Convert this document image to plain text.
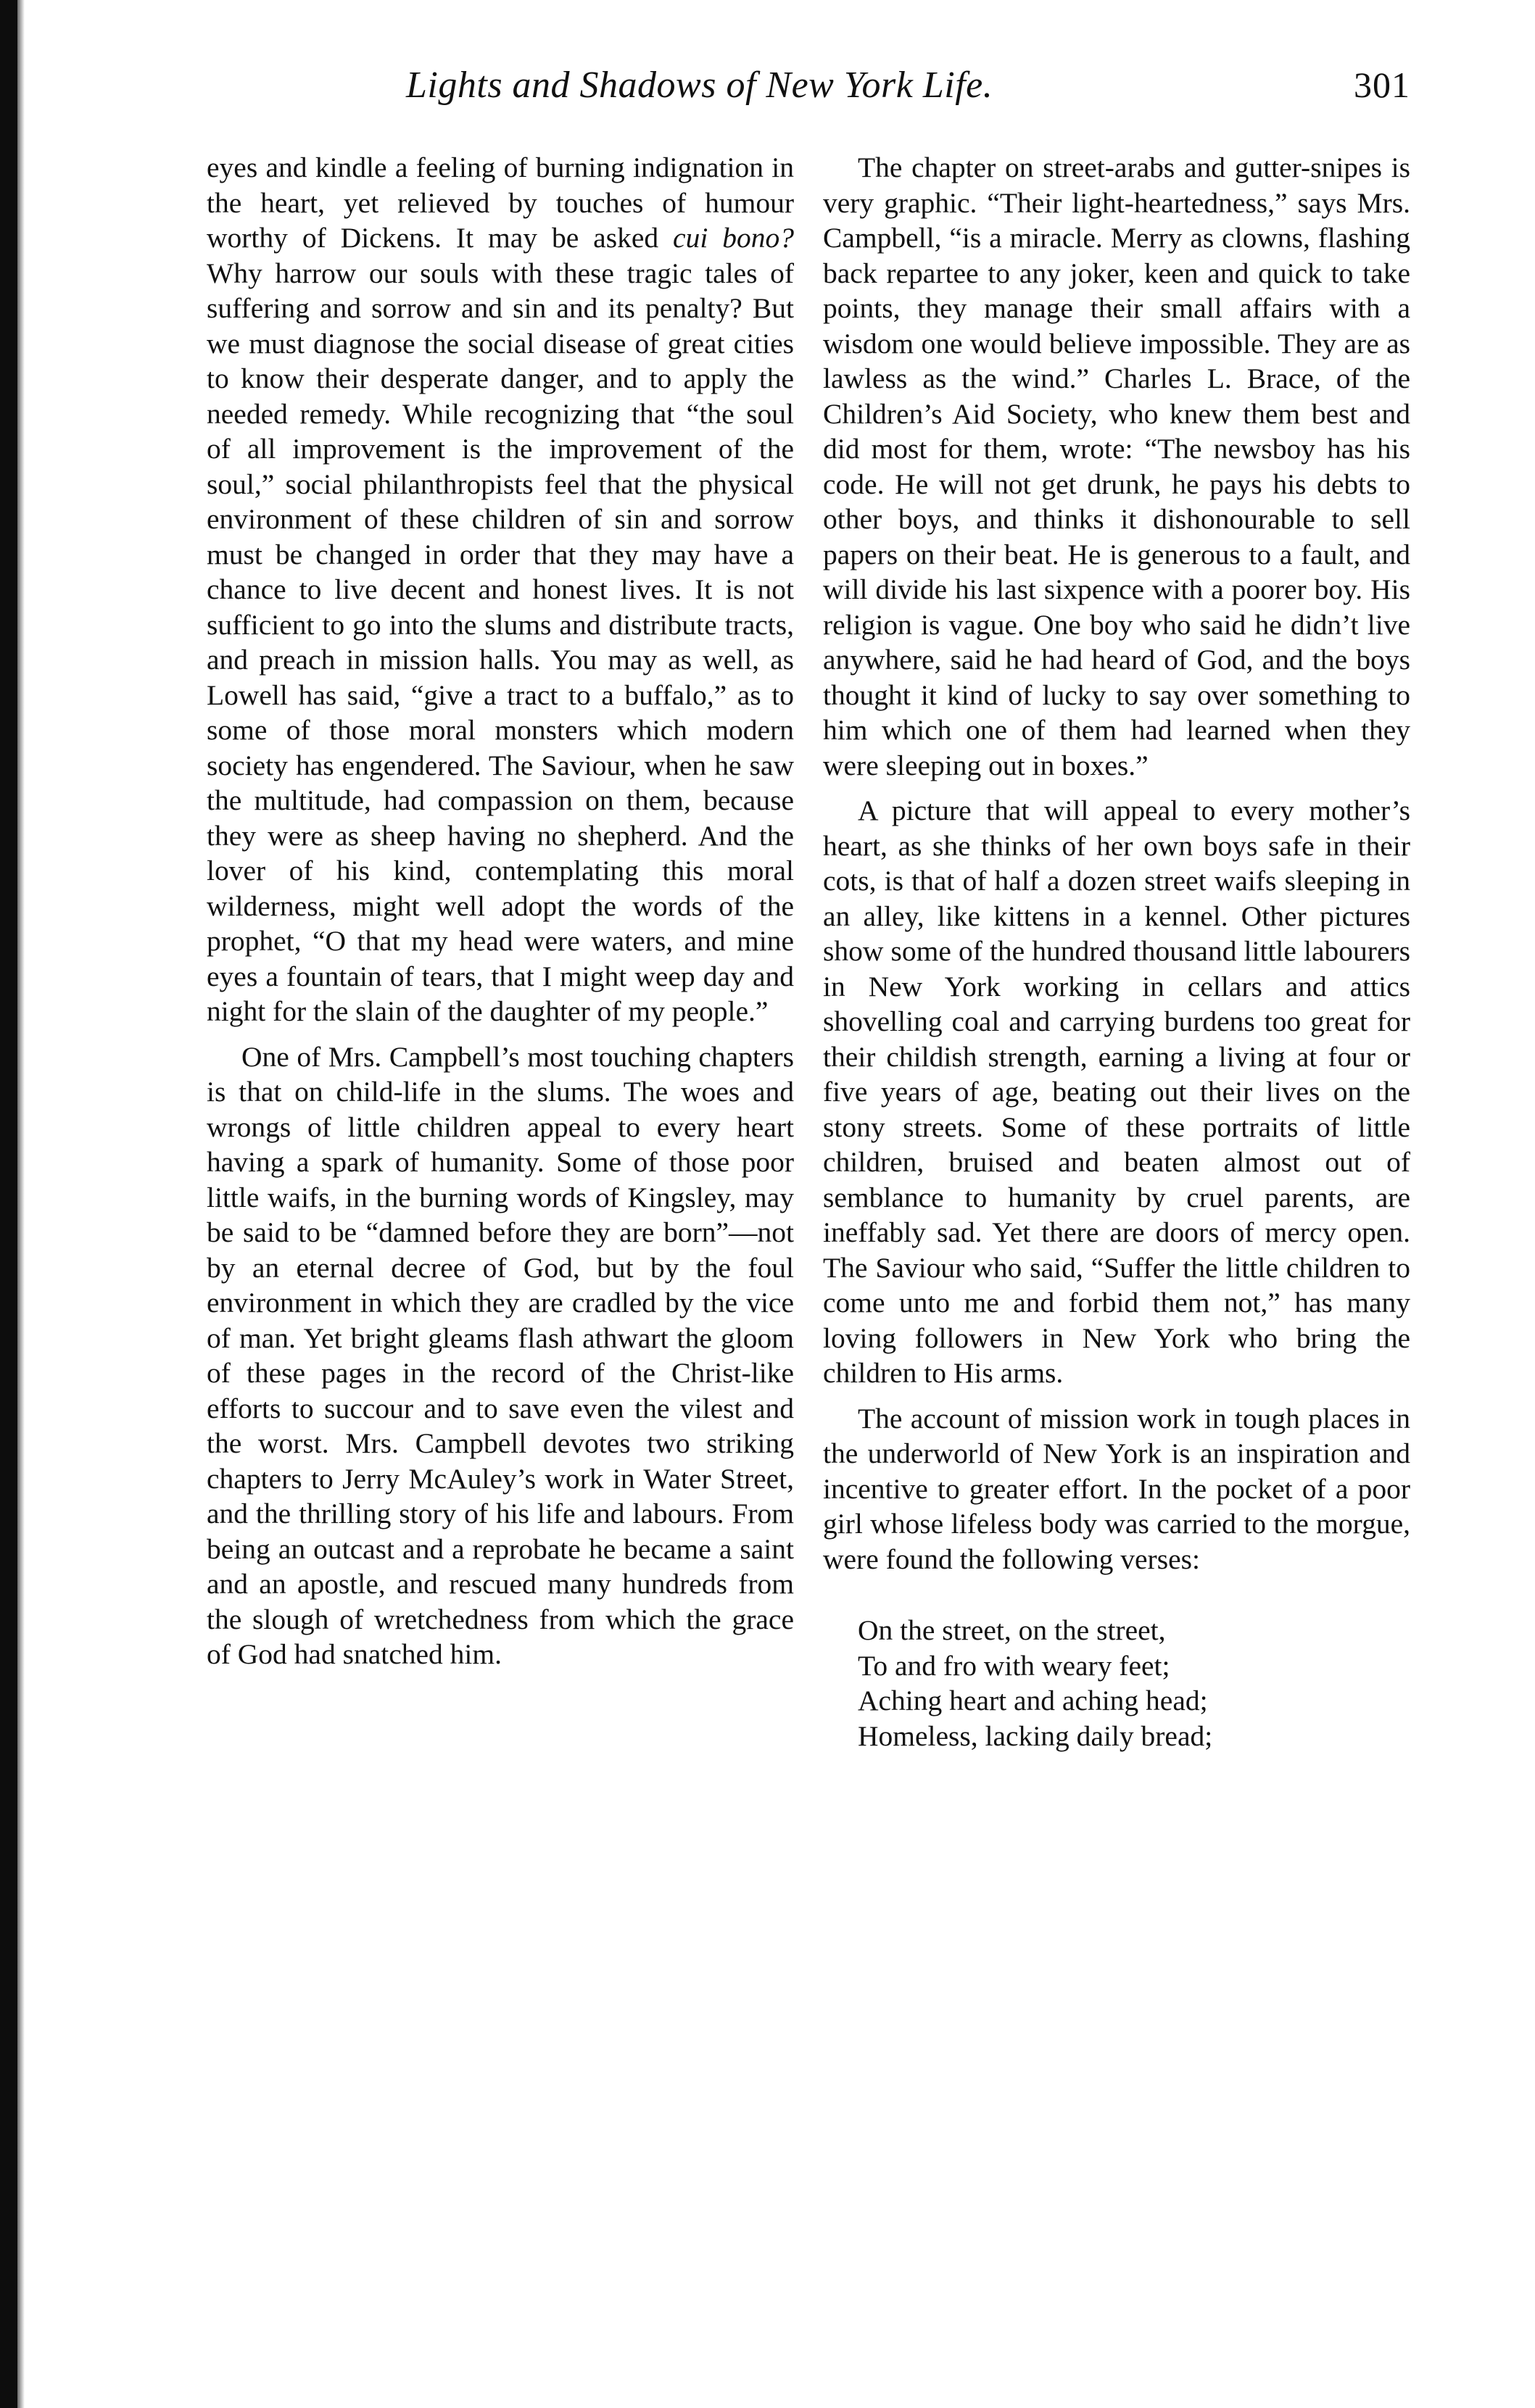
Lights and Shadows of New York Life.	301

eyes and kindle a feeling of burning indignation in the heart, yet relieved by touches of humour worthy of Dickens. It may be asked cui bono? Why harrow our souls with these tragic tales of suffering and sorrow and sin and its penalty? But we must diagnose the social disease of great cities to know their desperate danger, and to apply the needed remedy. While recognizing that “the soul of all improvement is the improvement of the soul,” social philanthropists feel that the physical environment of these children of sin and sorrow must be changed in order that they may have a chance to live decent and honest lives. It is not sufficient to go into the slums and distribute tracts, and preach in mission halls. You may as well, as Lowell has said, “give a tract to a buffalo,” as to some of those moral monsters which modern society has engendered. The Saviour, when he saw the multitude, had compassion on them, because they were as sheep having no shepherd. And the lover of his kind, contemplating this moral wilderness, might well adopt the words of the prophet, “O that my head were waters, and mine eyes a fountain of tears, that I might weep day and night for the slain of the daughter of my people.”

One of Mrs. Campbell’s most touching chapters is that on child-life in the slums. The woes and wrongs of little children appeal to every heart having a spark of humanity. Some of those poor little waifs, in the burning words of Kingsley, may be said to be “damned before they are born”—not by an eternal decree of God, but by the foul environment in which they are cradled by the vice of man. Yet bright gleams flash athwart the gloom of these pages in the record of the Christ-like efforts to succour and to save even the vilest and the worst. Mrs. Campbell devotes two striking chapters to Jerry McAuley’s work in Water Street, and the thrilling story of his life and labours. From being an outcast and a reprobate he became a saint and an apostle, and rescued many hundreds from the slough of wretchedness from which the grace of God had snatched him.

The chapter on street-arabs and gutter-snipes is very graphic. “Their light-heartedness,” says Mrs. Campbell, “is a miracle. Merry as clowns, flashing back repartee to any joker, keen and quick to take points, they manage their small affairs with a wisdom one would believe impossible. They are as lawless as the wind.” Charles L. Brace, of the Children’s Aid Society, who knew them best and did most for them, wrote: “The newsboy has his code. He will not get drunk, he pays his debts to other boys, and thinks it dishonourable to sell papers on their beat. He is generous to a fault, and will divide his last sixpence with a poorer boy. His religion is vague. One boy who said he didn’t live anywhere, said he had heard of God, and the boys thought it kind of lucky to say over something to him which one of them had learned when they were sleeping out in boxes.”

A picture that will appeal to every mother’s heart, as she thinks of her own boys safe in their cots, is that of half a dozen street waifs sleeping in an alley, like kittens in a kennel. Other pictures show some of the hundred thousand little labourers in New York working in cellars and attics shovelling coal and carrying burdens too great for their childish strength, earning a living at four or five years of age, beating out their lives on the stony streets. Some of these portraits of little children, bruised and beaten almost out of semblance to humanity by cruel parents, are ineffably sad. Yet there are doors of mercy open. The Saviour who said, “Suffer the little children to come unto me and forbid them not,” has many loving followers in New York who bring the children to His arms.

The account of mission work in tough places in the underworld of New York is an inspiration and incentive to greater effort. In the pocket of a poor girl whose lifeless body was carried to the morgue, were found the following verses:

On the street, on the street,
To and fro with weary feet;
Aching heart and aching head;
Homeless, lacking daily bread;
